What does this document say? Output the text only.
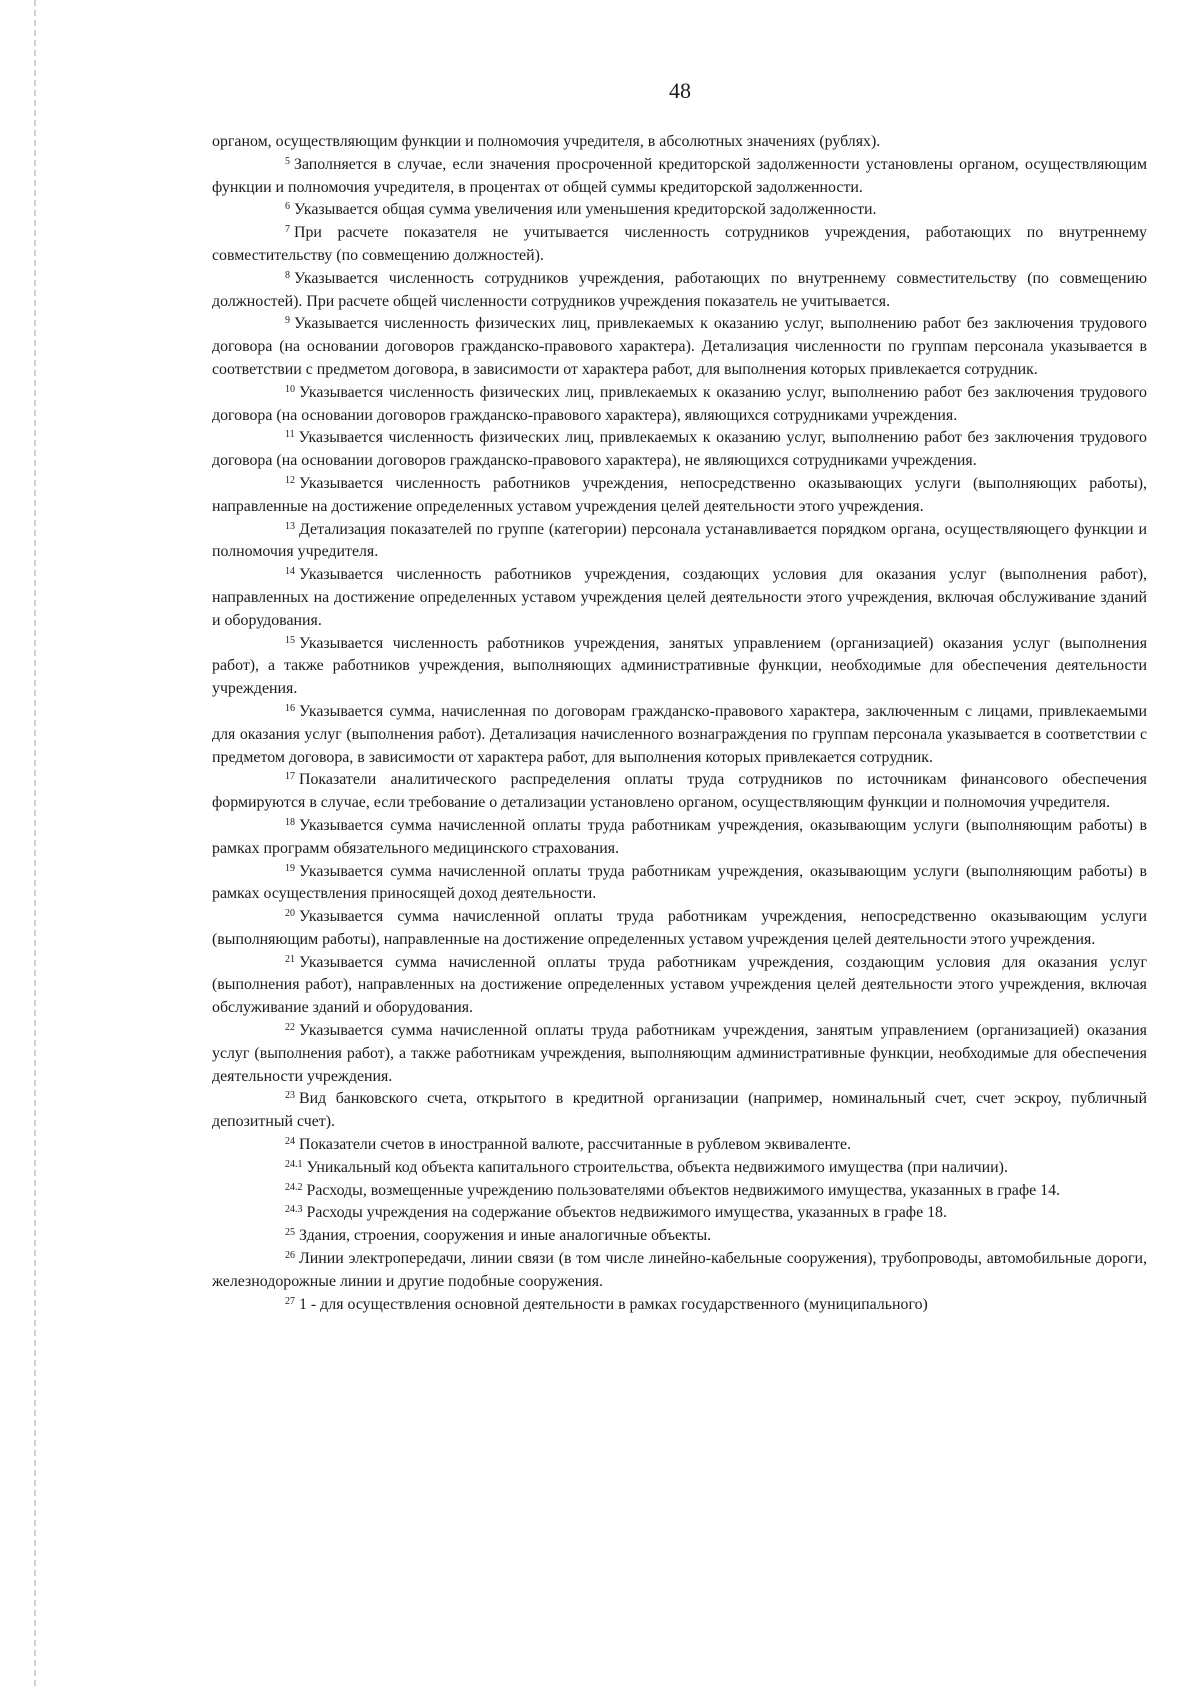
48

органом, осуществляющим функции и полномочия учредителя, в абсолютных значениях (рублях).

$^5$ Заполняется в случае, если значения просроченной кредиторской задолженности установлены органом, осуществляющим функции и полномочия учредителя, в процентах от общей суммы кредиторской задолженности.

$^6$ Указывается общая сумма увеличения или уменьшения кредиторской задолженности.

$^7$ При расчете показателя не учитывается численность сотрудников учреждения, работающих по внутреннему совместительству (по совмещению должностей).

$^8$ Указывается численность сотрудников учреждения, работающих по внутреннему совместительству (по совмещению должностей). При расчете общей численности сотрудников учреждения показатель не учитывается.

$^9$ Указывается численность физических лиц, привлекаемых к оказанию услуг, выполнению работ без заключения трудового договора (на основании договоров гражданско-правового характера). Детализация численности по группам персонала указывается в соответствии с предметом договора, в зависимости от характера работ, для выполнения которых привлекается сотрудник.

$^{10}$ Указывается численность физических лиц, привлекаемых к оказанию услуг, выполнению работ без заключения трудового договора (на основании договоров гражданско-правового характера), являющихся сотрудниками учреждения.

$^{11}$ Указывается численность физических лиц, привлекаемых к оказанию услуг, выполнению работ без заключения трудового договора (на основании договоров гражданско-правового характера), не являющихся сотрудниками учреждения.

$^{12}$ Указывается численность работников учреждения, непосредственно оказывающих услуги (выполняющих работы), направленные на достижение определенных уставом учреждения целей деятельности этого учреждения.

$^{13}$ Детализация показателей по группе (категории) персонала устанавливается порядком органа, осуществляющего функции и полномочия учредителя.

$^{14}$ Указывается численность работников учреждения, создающих условия для оказания услуг (выполнения работ), направленных на достижение определенных уставом учреждения целей деятельности этого учреждения, включая обслуживание зданий и оборудования.

$^{15}$ Указывается численность работников учреждения, занятых управлением (организацией) оказания услуг (выполнения работ), а также работников учреждения, выполняющих административные функции, необходимые для обеспечения деятельности учреждения.

$^{16}$ Указывается сумма, начисленная по договорам гражданско-правового характера, заключенным с лицами, привлекаемыми для оказания услуг (выполнения работ). Детализация начисленного вознаграждения по группам персонала указывается в соответствии с предметом договора, в зависимости от характера работ, для выполнения которых привлекается сотрудник.

$^{17}$ Показатели аналитического распределения оплаты труда сотрудников по источникам финансового обеспечения формируются в случае, если требование о детализации установлено органом, осуществляющим функции и полномочия учредителя.

$^{18}$ Указывается сумма начисленной оплаты труда работникам учреждения, оказывающим услуги (выполняющим работы) в рамках программ обязательного медицинского страхования.

$^{19}$ Указывается сумма начисленной оплаты труда работникам учреждения, оказывающим услуги (выполняющим работы) в рамках осуществления приносящей доход деятельности.

$^{20}$ Указывается сумма начисленной оплаты труда работникам учреждения, непосредственно оказывающим услуги (выполняющим работы), направленные на достижение определенных уставом учреждения целей деятельности этого учреждения.

$^{21}$ Указывается сумма начисленной оплаты труда работникам учреждения, создающим условия для оказания услуг (выполнения работ), направленных на достижение определенных уставом учреждения целей деятельности этого учреждения, включая обслуживание зданий и оборудования.

$^{22}$ Указывается сумма начисленной оплаты труда работникам учреждения, занятым управлением (организацией) оказания услуг (выполнения работ), а также работникам учреждения, выполняющим административные функции, необходимые для обеспечения деятельности учреждения.

$^{23}$ Вид банковского счета, открытого в кредитной организации (например, номинальный счет, счет эскроу, публичный депозитный счет).

$^{24}$ Показатели счетов в иностранной валюте, рассчитанные в рублевом эквиваленте.

$^{24.1}$ Уникальный код объекта капитального строительства, объекта недвижимого имущества (при наличии).

$^{24.2}$ Расходы, возмещенные учреждению пользователями объектов недвижимого имущества, указанных в графе 14.

$^{24.3}$ Расходы учреждения на содержание объектов недвижимого имущества, указанных в графе 18.

$^{25}$ Здания, строения, сооружения и иные аналогичные объекты.

$^{26}$ Линии электропередачи, линии связи (в том числе линейно-кабельные сооружения), трубопроводы, автомобильные дороги, железнодорожные линии и другие подобные сооружения.

$^{27}$ 1 - для осуществления основной деятельности в рамках государственного (муниципального)
